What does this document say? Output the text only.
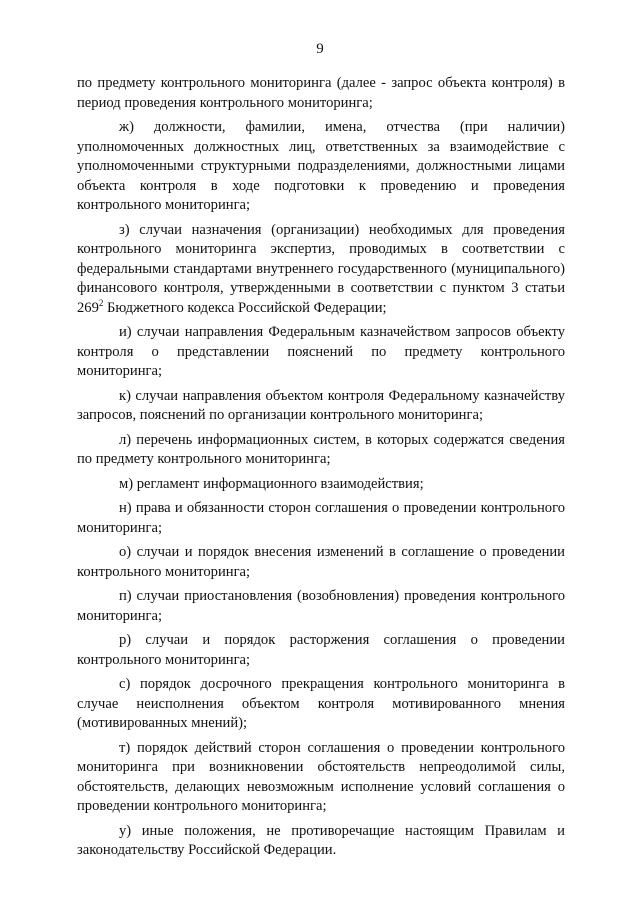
9

по предмету контрольного мониторинга (далее - запрос объекта контроля) в период проведения контрольного мониторинга;

ж) должности, фамилии, имена, отчества (при наличии) уполномоченных должностных лиц, ответственных за взаимодействие с уполномоченными структурными подразделениями, должностными лицами объекта контроля в ходе подготовки к проведению и проведения контрольного мониторинга;

з) случаи назначения (организации) необходимых для проведения контрольного мониторинга экспертиз, проводимых в соответствии с федеральными стандартами внутреннего государственного (муниципального) финансового контроля, утвержденными в соответствии с пунктом 3 статьи $269^2$ Бюджетного кодекса Российской Федерации;

и) случаи направления Федеральным казначейством запросов объекту контроля о представлении пояснений по предмету контрольного мониторинга;

к) случаи направления объектом контроля Федеральному казначейству запросов, пояснений по организации контрольного мониторинга;

л) перечень информационных систем, в которых содержатся сведения по предмету контрольного мониторинга;

м) регламент информационного взаимодействия;

н) права и обязанности сторон соглашения о проведении контрольного мониторинга;

о) случаи и порядок внесения изменений в соглашение о проведении контрольного мониторинга;

п) случаи приостановления (возобновления) проведения контрольного мониторинга;

р) случаи и порядок расторжения соглашения о проведении контрольного мониторинга;

с) порядок досрочного прекращения контрольного мониторинга в случае неисполнения объектом контроля мотивированного мнения (мотивированных мнений);

т) порядок действий сторон соглашения о проведении контрольного мониторинга при возникновении обстоятельств непреодолимой силы, обстоятельств, делающих невозможным исполнение условий соглашения о проведении контрольного мониторинга;

у) иные положения, не противоречащие настоящим Правилам и законодательству Российской Федерации.
